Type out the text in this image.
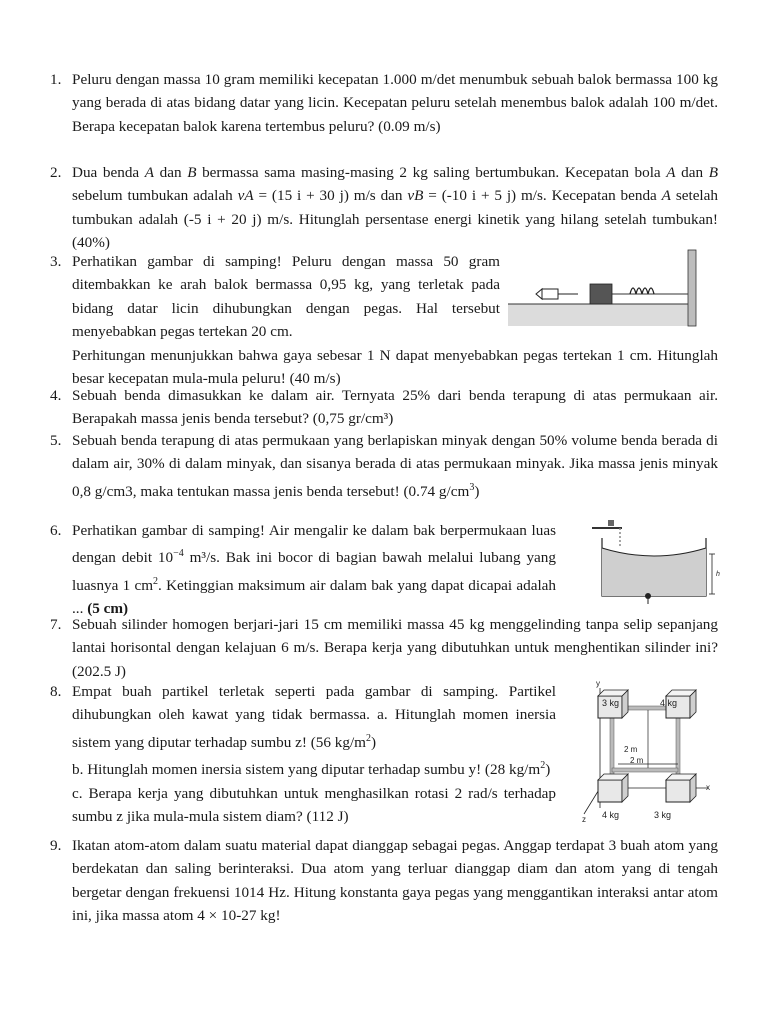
1. Peluru dengan massa 10 gram memiliki kecepatan 1.000 m/det menumbuk sebuah balok bermassa 100 kg yang berada di atas bidang datar yang licin. Kecepatan peluru setelah menembus balok adalah 100 m/det. Berapa kecepatan balok karena tertembus peluru? (0.09 m/s)
2. Dua benda A dan B bermassa sama masing-masing 2 kg saling bertumbukan. Kecepatan bola A dan B sebelum tumbukan adalah vA = (15 i + 30 j) m/s dan vB = (-10 i + 5 j) m/s. Kecepatan benda A setelah tumbukan adalah (-5 i + 20 j) m/s. Hitunglah persentase energi kinetik yang hilang setelah tumbukan! (40%)
3. Perhatikan gambar di samping! Peluru dengan massa 50 gram ditembakkan ke arah balok bermassa 0,95 kg, yang terletak pada bidang datar licin dihubungkan dengan pegas. Hal tersebut menyebabkan pegas tertekan 20 cm.
Perhitungan menunjukkan bahwa gaya sebesar 1 N dapat menyebabkan pegas tertekan 1 cm. Hitunglah besar kecepatan mula-mula peluru! (40 m/s)
4. Sebuah benda dimasukkan ke dalam air. Ternyata 25% dari benda terapung di atas permukaan air. Berapakah massa jenis benda tersebut? (0,75 gr/cm³)
5. Sebuah benda terapung di atas permukaan yang berlapiskan minyak dengan 50% volume benda berada di dalam air, 30% di dalam minyak, dan sisanya berada di atas permukaan minyak. Jika massa jenis minyak 0,8 g/cm3, maka tentukan massa jenis benda tersebut! (0.74 $g/cm^3$)
6. Perhatikan gambar di samping! Air mengalir ke dalam bak berpermukaan luas dengan debit $10^{-4}$ m³/s. Bak ini bocor di bagian bawah melalui lubang yang luasnya 1 $cm^2$. Ketinggian maksimum air dalam bak yang dapat dicapai adalah ... (5 cm)
h
7. Sebuah silinder homogen berjari-jari 15 cm memiliki massa 45 kg menggelinding tanpa selip sepanjang lantai horisontal dengan kelajuan 6 m/s. Berapa kerja yang dibutuhkan untuk menghentikan silinder ini? (202.5 J)
8. Empat buah partikel terletak seperti pada gambar di samping. Partikel dihubungkan oleh kawat yang tidak bermassa. a. Hitunglah momen inersia sistem yang diputar terhadap sumbu z! (56 $kg/m^2$)
b. Hitunglah momen inersia sistem yang diputar terhadap sumbu y! (28 $kg/m^2$)
c. Berapa kerja yang dibutuhkan untuk menghasilkan rotasi 2 rad/s terhadap sumbu z jika mula-mula sistem diam? (112 J)
y
x
z
3 kg	4 kg
4 kg	3 kg
2 m
2 m
9. Ikatan atom-atom dalam suatu material dapat dianggap sebagai pegas. Anggap terdapat 3 buah atom yang berdekatan dan saling berinteraksi. Dua atom yang terluar dianggap diam dan atom yang di tengah bergetar dengan frekuensi 1014 Hz. Hitung konstanta gaya pegas yang menggantikan interaksi antar atom ini, jika massa atom 4 × 10-27 kg!
